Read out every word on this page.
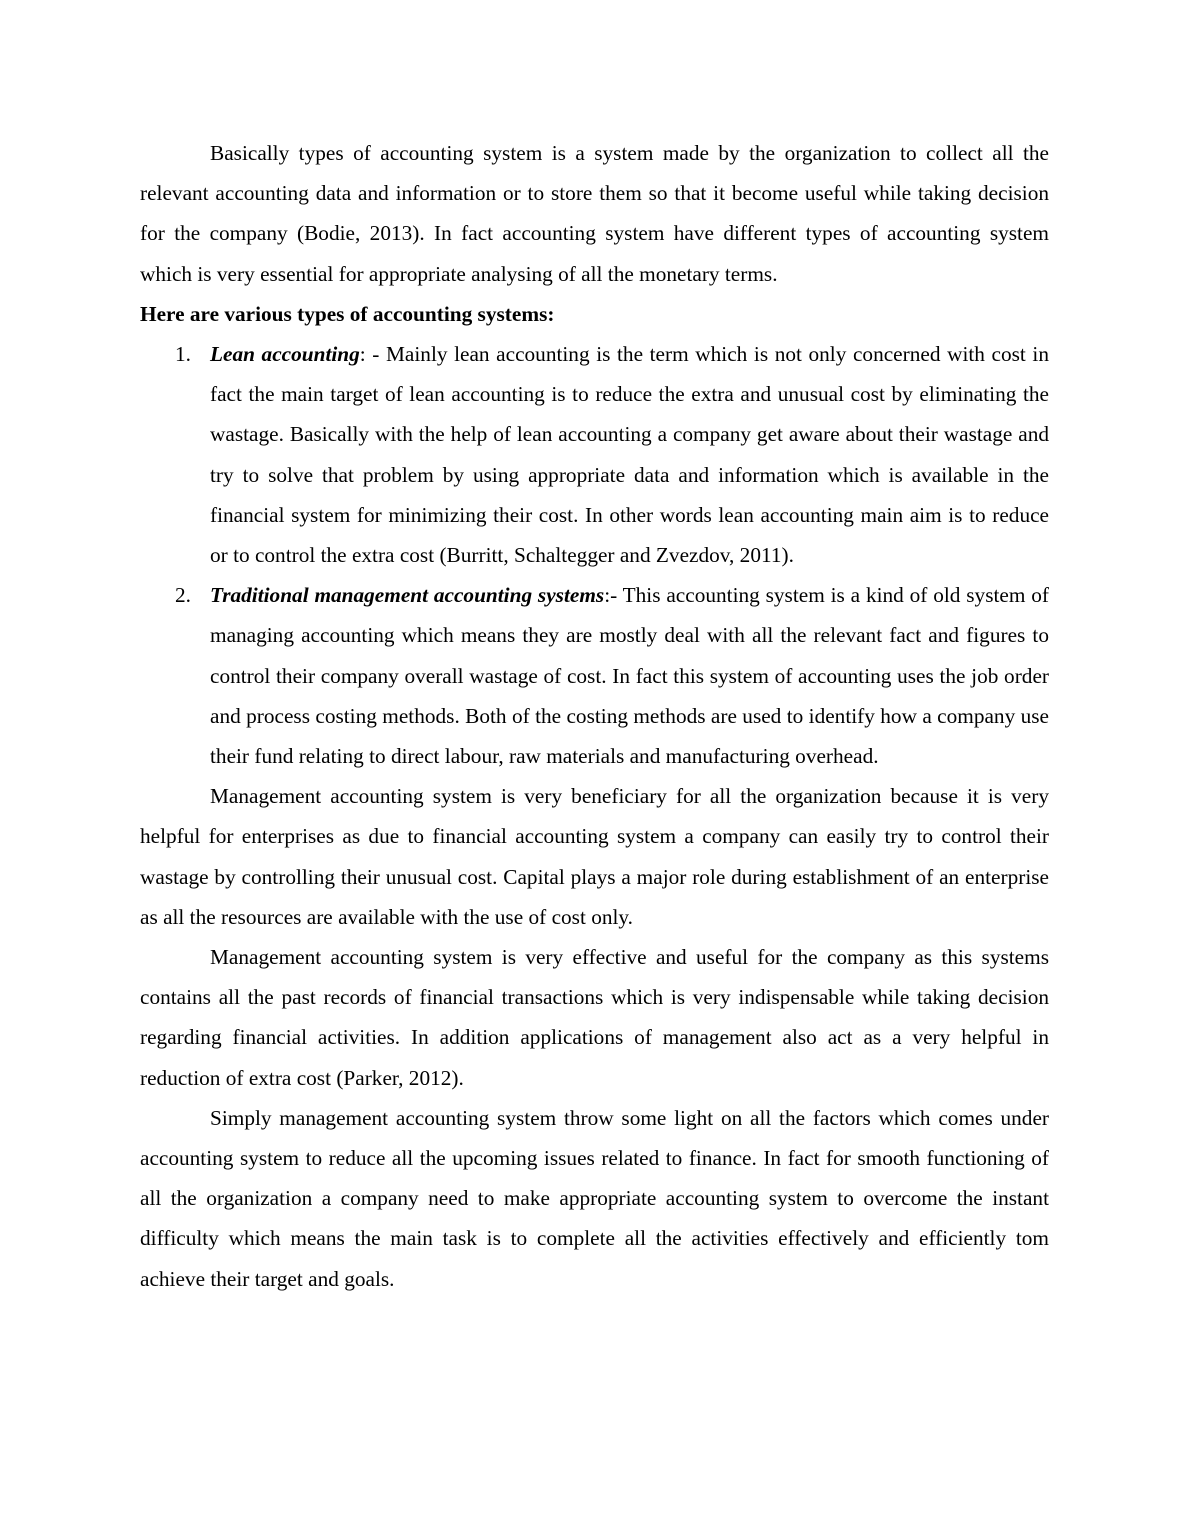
Basically types of accounting system is a system made by the organization to collect all the relevant accounting data and information or to store them so that it become useful while taking decision for the company (Bodie, 2013). In fact accounting system have different types of accounting system which is very essential for appropriate analysing of all the monetary terms.

Here are various types of accounting systems:

1. Lean accounting: - Mainly lean accounting is the term which is not only concerned with cost in fact the main target of lean accounting is to reduce the extra and unusual cost by eliminating the wastage. Basically with the help of lean accounting a company get aware about their wastage and try to solve that problem by using appropriate data and information which is available in the financial system for minimizing their cost. In other words lean accounting main aim is to reduce or to control the extra cost (Burritt, Schaltegger and Zvezdov, 2011).
2. Traditional management accounting systems:- This accounting system is a kind of old system of managing accounting which means they are mostly deal with all the relevant fact and figures to control their company overall wastage of cost. In fact this system of accounting uses the job order and process costing methods. Both of the costing methods are used to identify how a company use their fund relating to direct labour, raw materials and manufacturing overhead.

Management accounting system is very beneficiary for all the organization because it is very helpful for enterprises as due to financial accounting system a company can easily try to control their wastage by controlling their unusual cost. Capital plays a major role during establishment of an enterprise as all the resources are available with the use of cost only.

Management accounting system is very effective and useful for the company as this systems contains all the past records of financial transactions which is very indispensable while taking decision regarding financial activities. In addition applications of management also act as a very helpful in reduction of extra cost (Parker, 2012).

Simply management accounting system throw some light on all the factors which comes under accounting system to reduce all the upcoming issues related to finance. In fact for smooth functioning of all the organization a company need to make appropriate accounting system to overcome the instant difficulty which means the main task is to complete all the activities effectively and efficiently tom achieve their target and goals.
